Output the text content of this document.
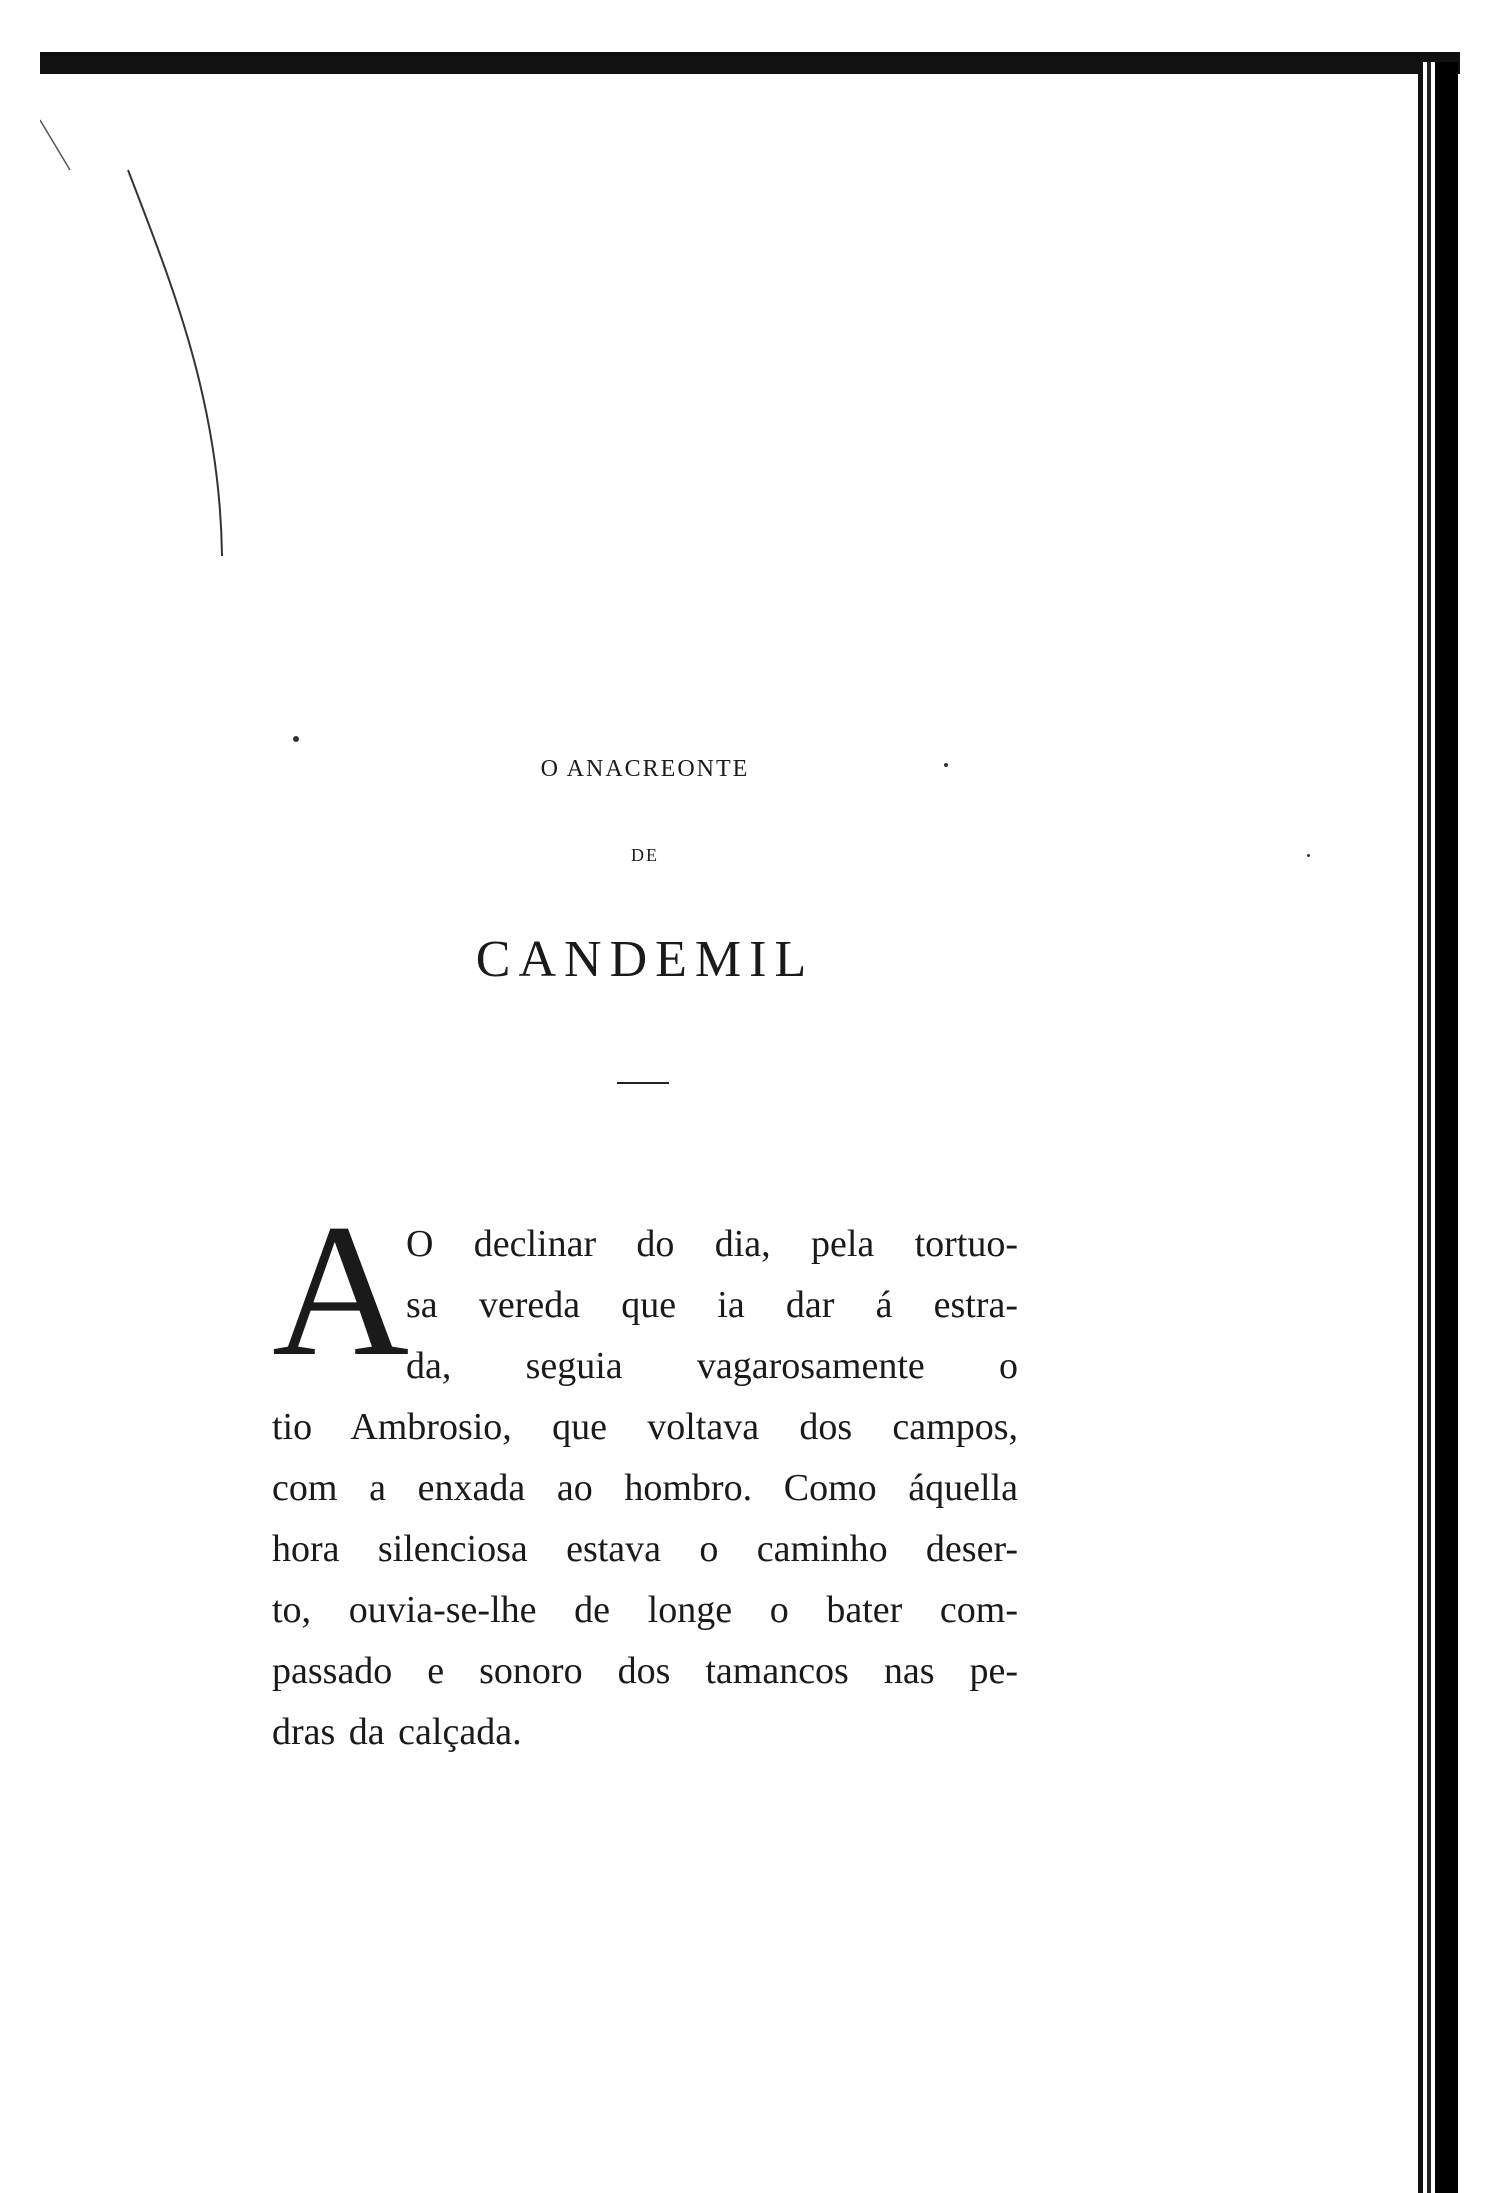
O ANACREONTE
DE
CANDEMIL
A
O declinar do dia, pela tortuo-
sa vereda que ia dar á estra-
da, seguia vagarosamente o
tio Ambrosio, que voltava dos campos,
com a enxada ao hombro. Como áquella
hora silenciosa estava o caminho deser-
to, ouvia-se-lhe de longe o bater com-
passado e sonoro dos tamancos nas pe-
dras da calçada.
